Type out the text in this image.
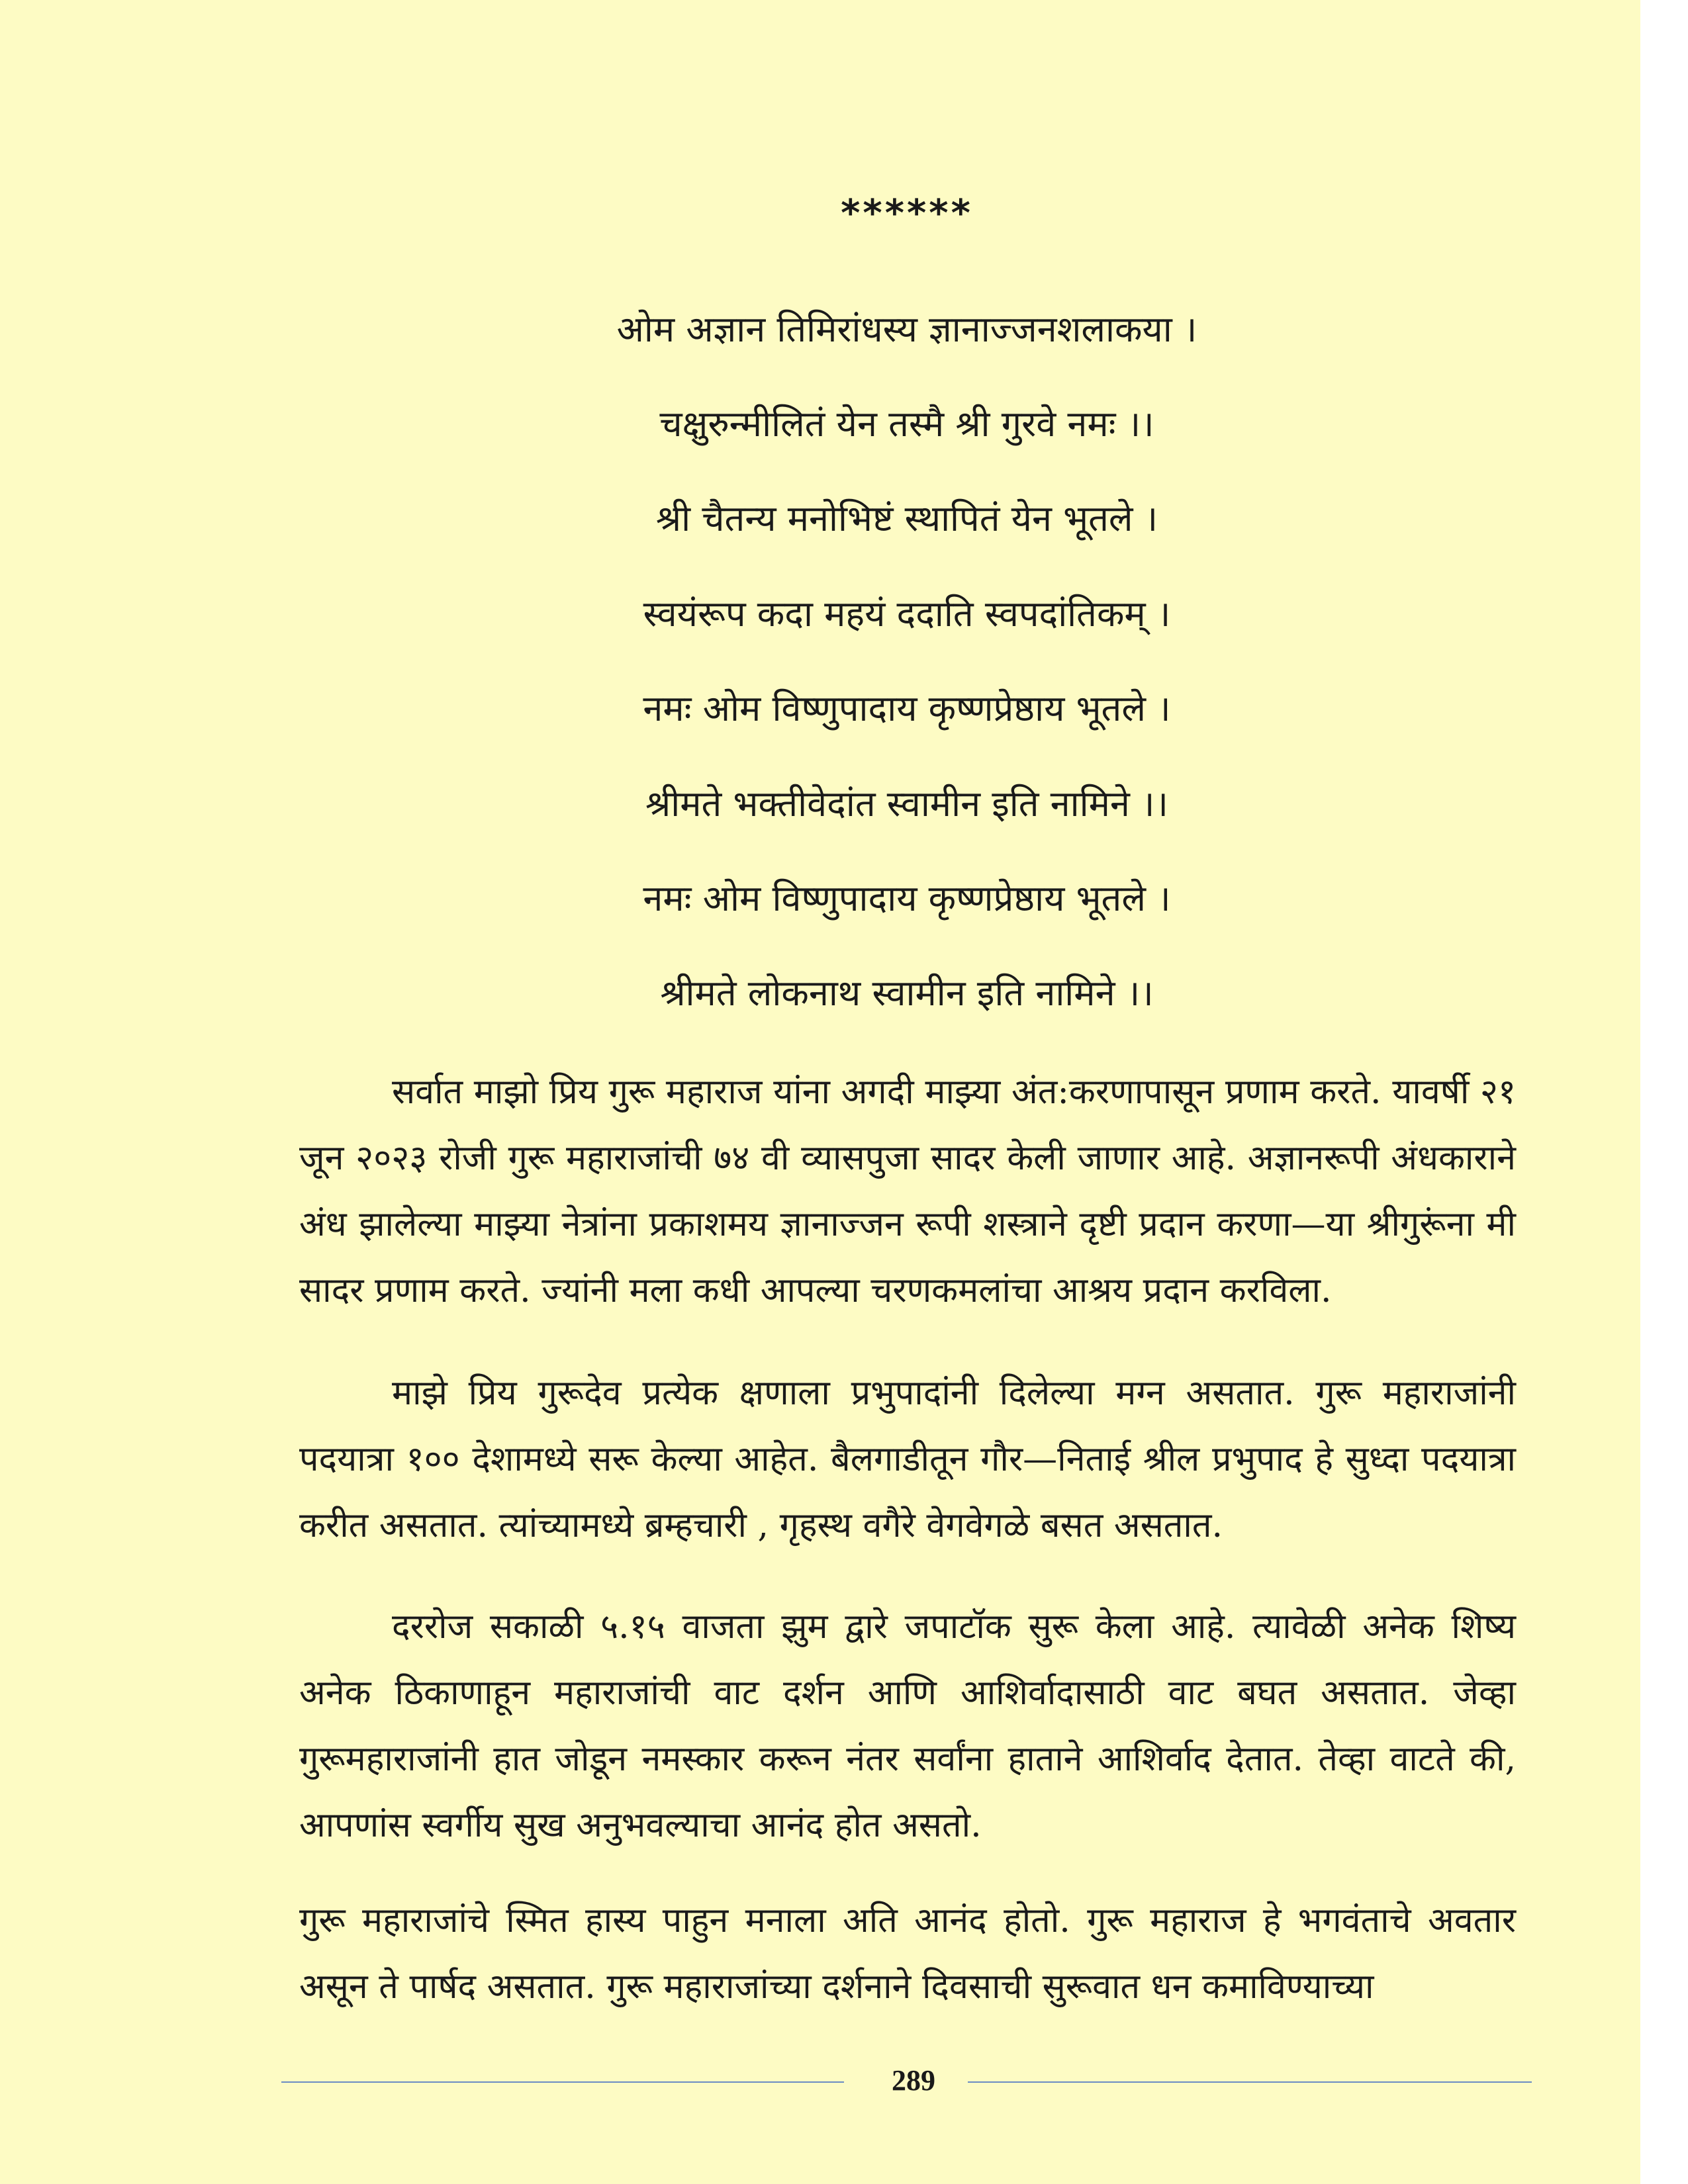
******
ओम अज्ञान तिमिरांधस्य ज्ञानाज्जनशलाकया ।
चक्षुरुन्मीलितं येन तस्मै श्री गुरवे नमः ।।
श्री चैतन्य मनोभिष्टं स्थापितं येन भूतले ।
स्वयंरूप कदा महयं ददाति स्वपदांतिकम् ।
नमः ओम विष्णुपादाय कृष्णप्रेष्ठाय भूतले ।
श्रीमते भक्तीवेदांत स्वामीन इति नामिने ।।
नमः ओम विष्णुपादाय कृष्णप्रेष्ठाय भूतले ।
श्रीमते लोकनाथ स्वामीन इति नामिने ।।

सर्वात माझो प्रिय गुरू महाराज यांना अगदी माझ्या अंत:करणापासून प्रणाम करते. यावर्षी २१ जून २०२३ रोजी गुरू महाराजांची ७४ वी व्यासपुजा सादर केली जाणार आहे. अज्ञानरूपी अंधकाराने अंध झालेल्या माझ्या नेत्रांना प्रकाशमय ज्ञानाज्जन रूपी शस्त्राने दृष्टी प्रदान करणा—या श्रीगुरूंना मी सादर प्रणाम करते. ज्यांनी मला कधी आपल्या चरणकमलांचा आश्रय प्रदान करविला.

माझे प्रिय गुरूदेव प्रत्येक क्षणाला प्रभुपादांनी दिलेल्या मग्न असतात. गुरू महाराजांनी पदयात्रा १०० देशामध्ये सरू केल्या आहेत. बैलगाडीतून गौर—निताई श्रील प्रभुपाद हे सुध्दा पदयात्रा करीत असतात. त्यांच्यामध्ये ब्रम्हचारी , गृहस्थ वगैरे वेगवेगळे बसत असतात.

दररोज सकाळी ५.१५ वाजता झुम द्वारे जपाटॉक सुरू केला आहे. त्यावेळी अनेक शिष्य अनेक ठिकाणाहून महाराजांची वाट दर्शन आणि आशिर्वादासाठी वाट बघत असतात. जेव्हा गुरूमहाराजांनी हात जोडून नमस्कार करून नंतर सर्वांना हाताने आशिर्वाद देतात. तेव्हा वाटते की, आपणांस स्वर्गीय सुख अनुभवल्याचा आनंद होत असतो.

गुरू महाराजांचे स्मित हास्य पाहुन मनाला अति आनंद होतो. गुरू महाराज हे भगवंताचे अवतार असून ते पार्षद असतात. गुरू महाराजांच्या दर्शनाने दिवसाची सुरूवात धन कमाविण्याच्या

289
